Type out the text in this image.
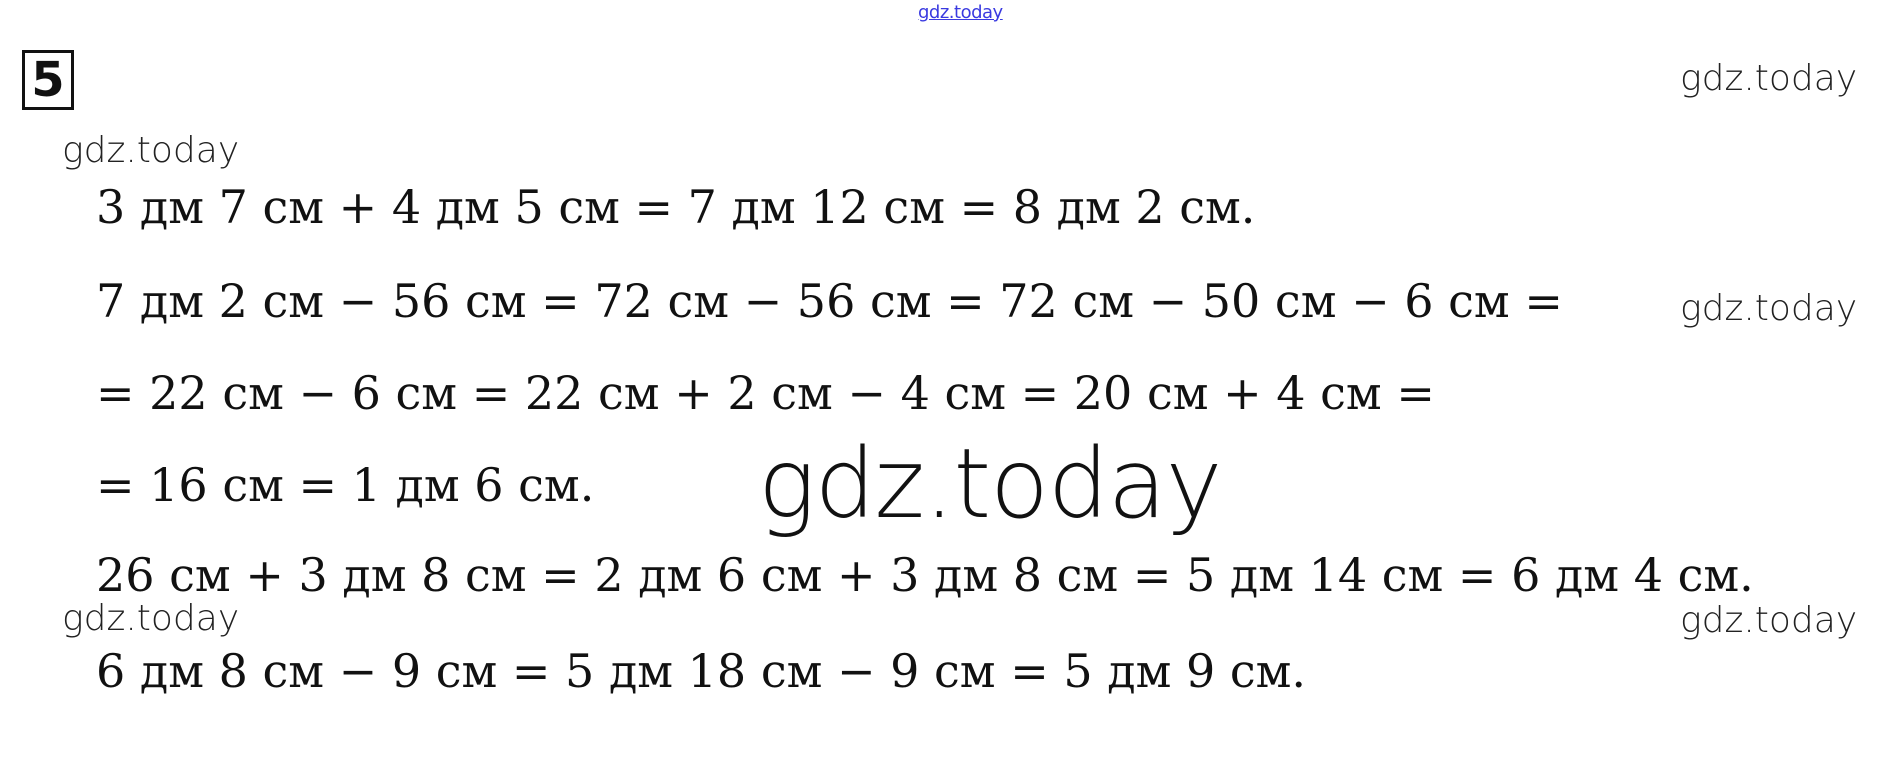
gdz.today
5	gdz.today
gdz.today
3 дм 7 см + 4 дм 5 см = 7 дм 12 см = 8 дм 2 см.
7 дм 2 см − 56 см = 72 см − 56 см = 72 см − 50 см − 6 см =	gdz.today
= 22 см − 6 см = 22 см + 2 см − 4 см = 20 см + 4 см =
= 16 см = 1 дм 6 см. gdz.today
26 см + 3 дм 8 см = 2 дм 6 см + 3 дм 8 см = 5 дм 14 см = 6 дм 4 см.
gdz.today	gdz.today
6 дм 8 см − 9 см = 5 дм 18 см − 9 см = 5 дм 9 см.
